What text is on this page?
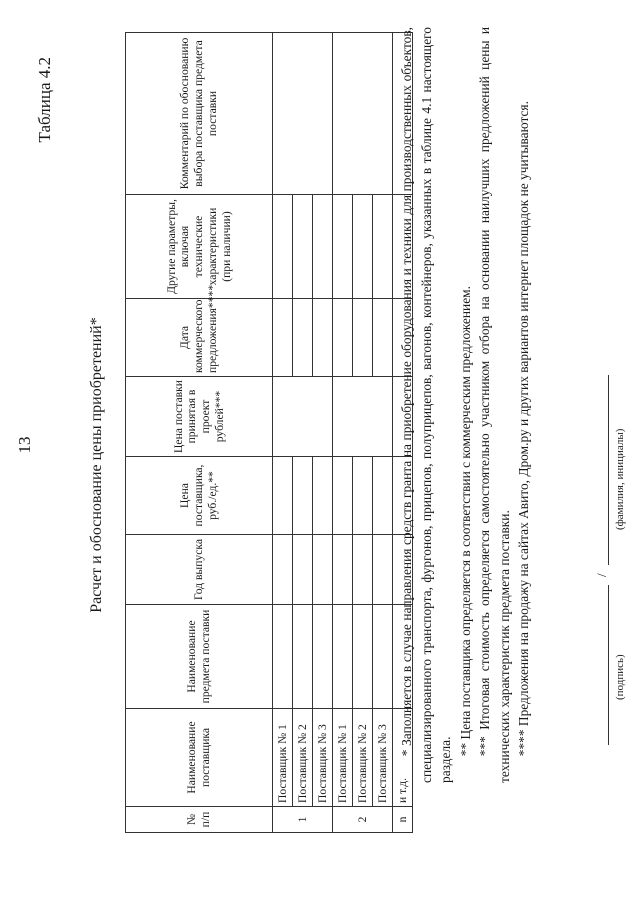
13
Таблица 4.2
Расчет и обоснование цены приобретений*
№ п/п	Наименование поставщика	Наименование предмета поставки	Год выпуска	Цена поставщика, руб./ед.**	Цена поставки принятая в проект рублей***	Дата коммерческого предложения****	Другие параметры, включая технические характеристики (при наличии)	Комментарий по обоснованию выбора поставщика предмета поставки
1	Поставщик № 1							
	Поставщик № 2							
	Поставщик № 3							
2	Поставщик № 1							
	Поставщик № 2							
	Поставщик № 3							
n	и т.д.							

* Заполняется в случае направления средств гранта на приобретение оборудования и техники для производственных объектов, специализированного транспорта, фургонов, прицепов, полуприцепов, вагонов, контейнеров, указанных в таблице 4.1 настоящего раздела.

** Цена поставщика определяется в соответствии с коммерческим предложением. *** Итоговая стоимость определяется самостоятельно участником отбора на основании наилучших предложений цены и технических характеристик предмета поставки. **** Предложения на продажу на сайтах Авито, Дром.ру и других вариантов интернет площадок не учитываются.	/
(подпись)
(фамилия, инициалы)
